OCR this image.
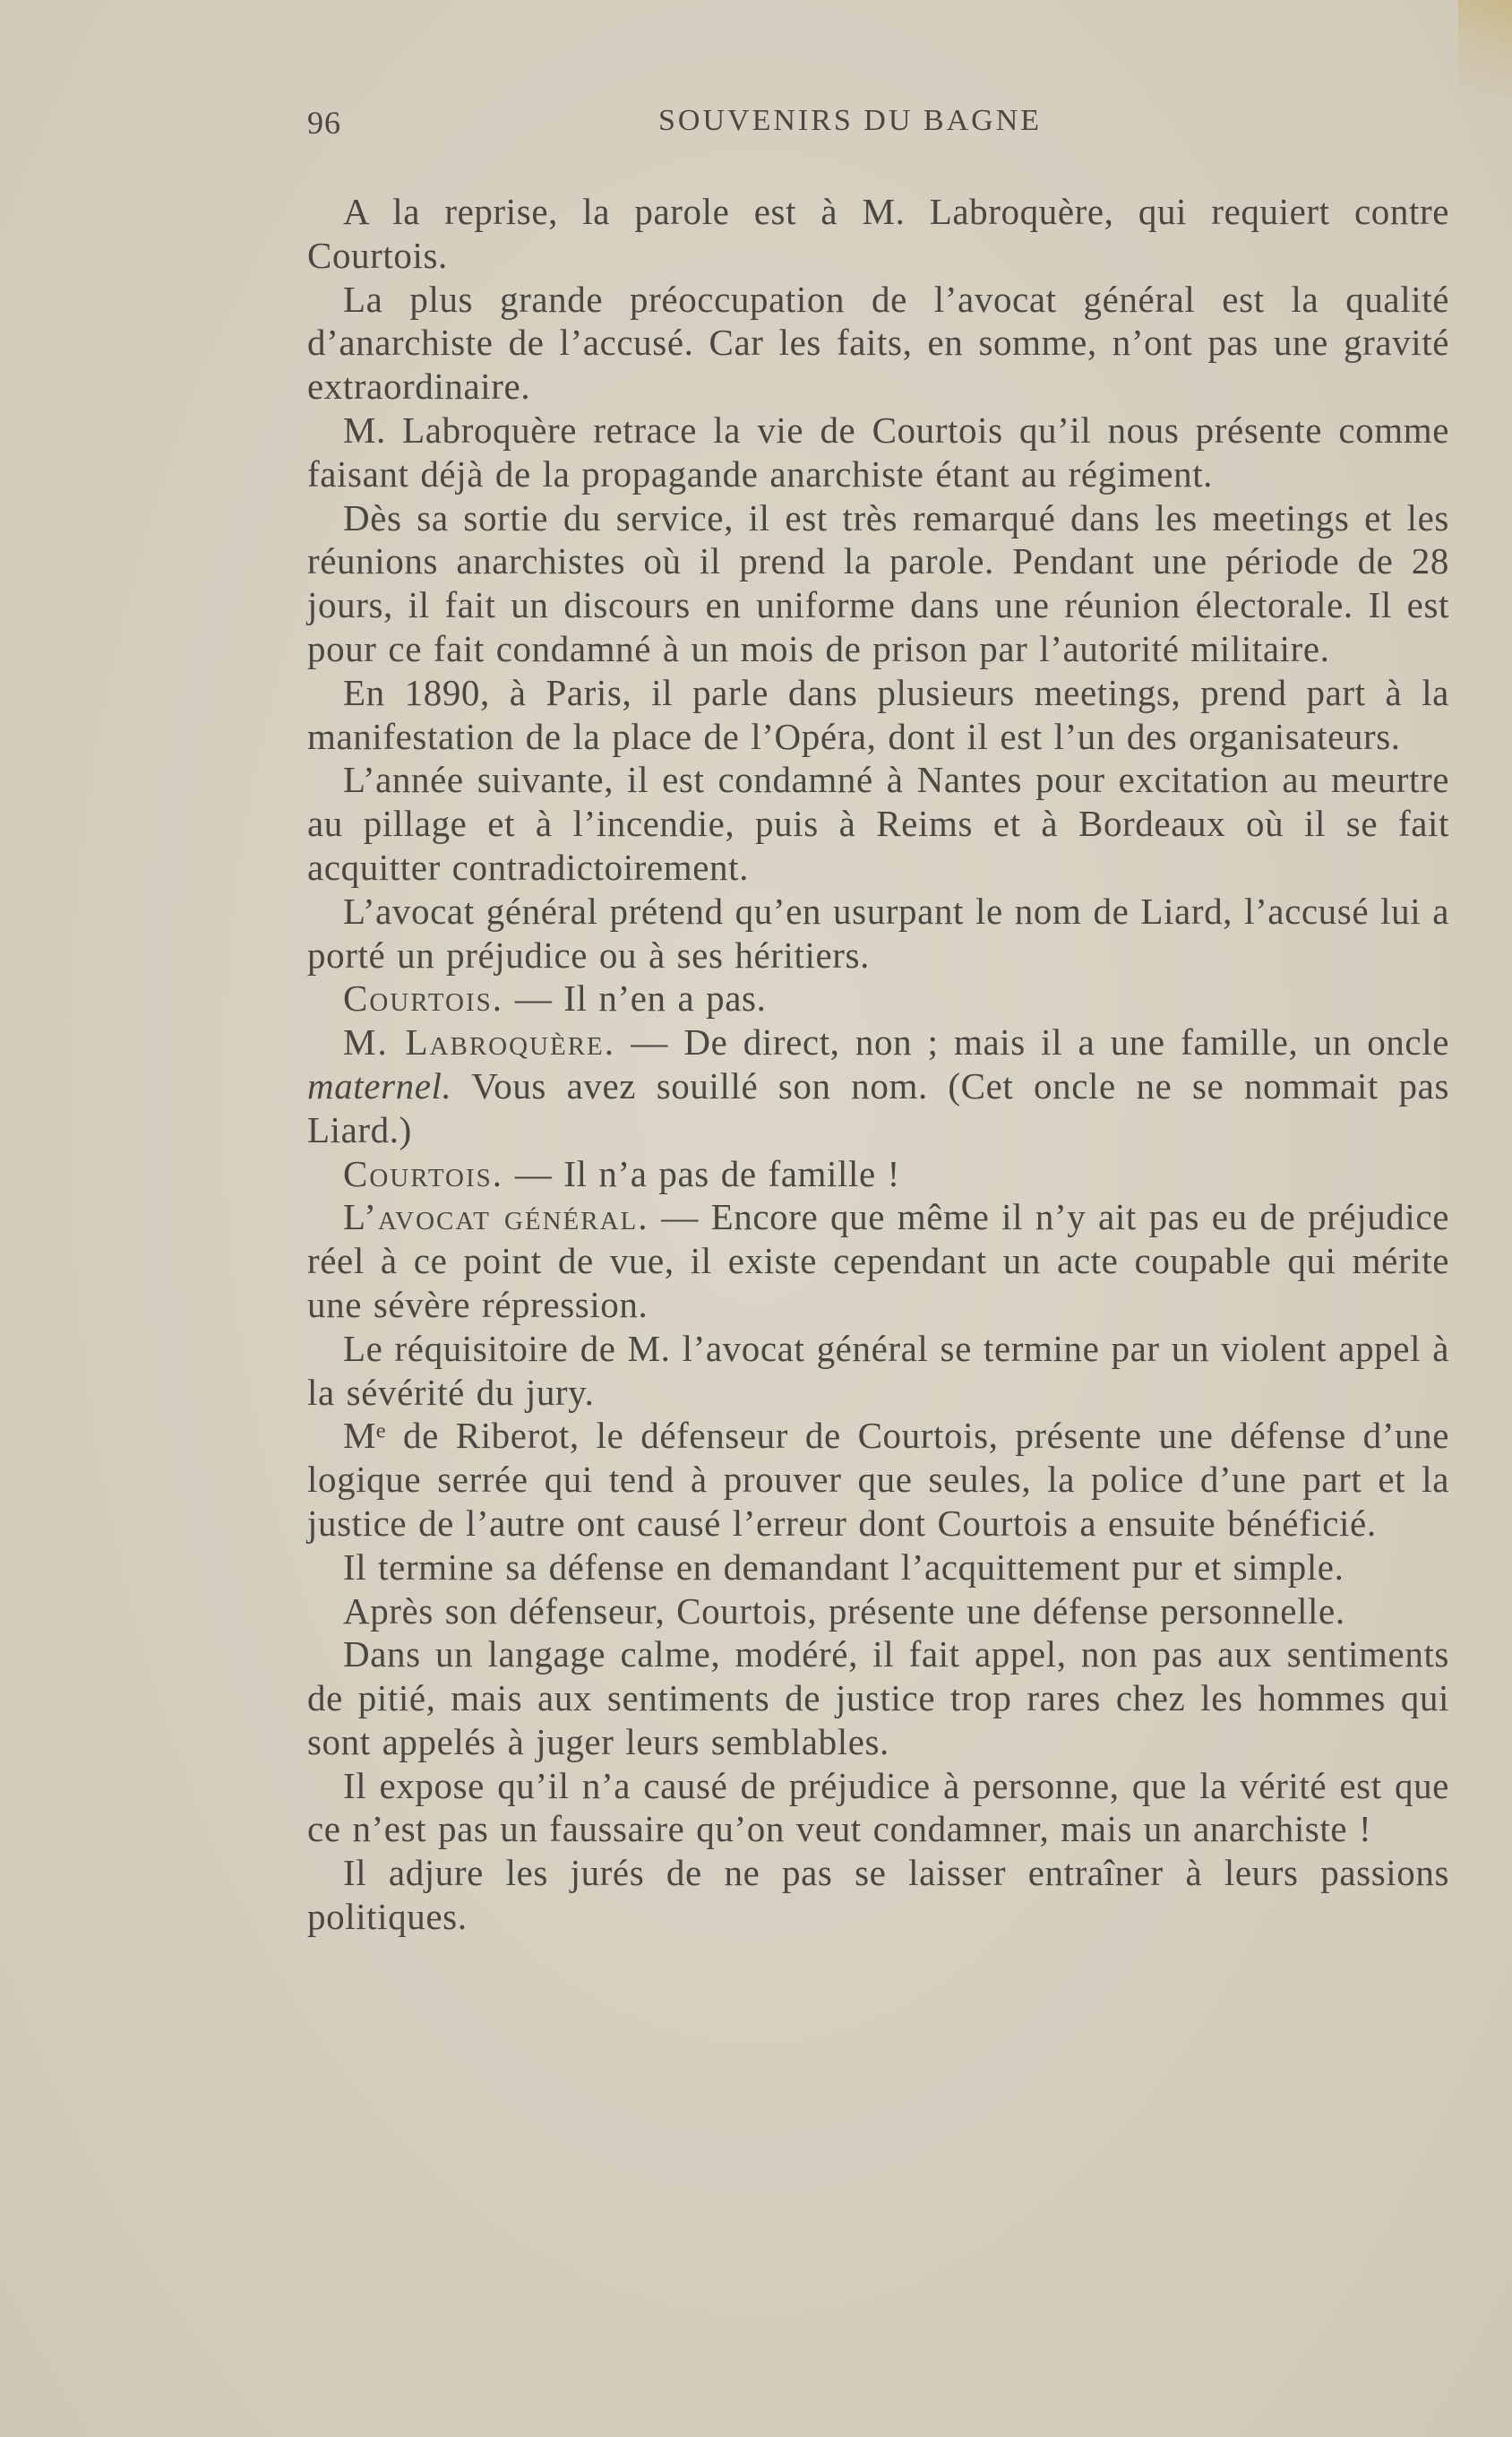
96	SOUVENIRS DU BAGNE

A la reprise, la parole est à M. Labroquère, qui requiert contre Courtois.

La plus grande préoccupation de l’avocat général est la qualité d’anarchiste de l’accusé. Car les faits, en somme, n’ont pas une gravité extraordinaire.

M. Labroquère retrace la vie de Courtois qu’il nous présente comme faisant déjà de la propagande anarchiste étant au régiment.

Dès sa sortie du service, il est très remarqué dans les meetings et les réunions anarchistes où il prend la parole. Pendant une période de 28 jours, il fait un discours en uniforme dans une réunion électorale. Il est pour ce fait condamné à un mois de prison par l’autorité militaire.

En 1890, à Paris, il parle dans plusieurs meetings, prend part à la manifestation de la place de l’Opéra, dont il est l’un des organisateurs.

L’année suivante, il est condamné à Nantes pour excitation au meurtre au pillage et à l’incendie, puis à Reims et à Bordeaux où il se fait acquitter contradictoirement.

L’avocat général prétend qu’en usurpant le nom de Liard, l’accusé lui a porté un préjudice ou à ses héritiers.

Courtois. — Il n’en a pas.

M. Labroquère. — De direct, non ; mais il a une famille, un oncle maternel. Vous avez souillé son nom. (Cet oncle ne se nommait pas Liard.)

Courtois. — Il n’a pas de famille !

L’avocat général. — Encore que même il n’y ait pas eu de préjudice réel à ce point de vue, il existe cependant un acte coupable qui mérite une sévère répression.

Le réquisitoire de M. l’avocat général se termine par un violent appel à la sévérité du jury.

Mᵉ de Riberot, le défenseur de Courtois, présente une défense d’une logique serrée qui tend à prouver que seules, la police d’une part et la justice de l’autre ont causé l’erreur dont Courtois a ensuite bénéficié.

Il termine sa défense en demandant l’acquittement pur et simple.

Après son défenseur, Courtois, présente une défense personnelle.

Dans un langage calme, modéré, il fait appel, non pas aux sentiments de pitié, mais aux sentiments de justice trop rares chez les hommes qui sont appelés à juger leurs semblables.

Il expose qu’il n’a causé de préjudice à personne, que la vérité est que ce n’est pas un faussaire qu’on veut condamner, mais un anarchiste !

Il adjure les jurés de ne pas se laisser entraîner à leurs passions politiques.
